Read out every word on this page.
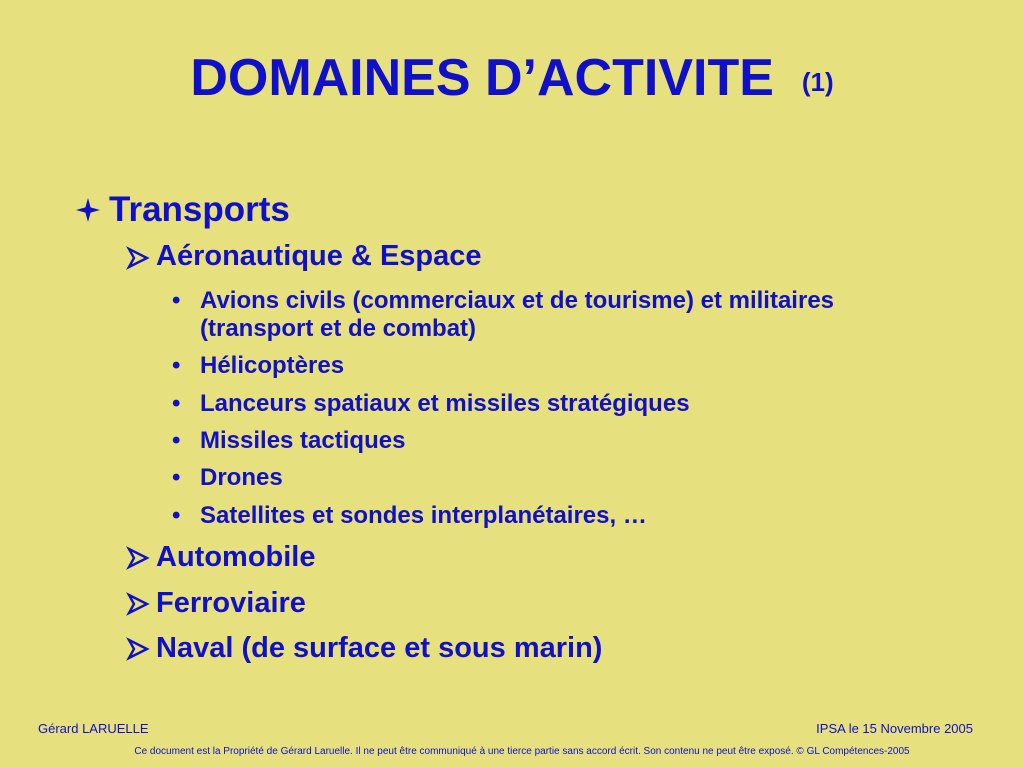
DOMAINES D’ACTIVITE (1)
Transports
Aéronautique & Espace
• Avions civils (commerciaux et de tourisme) et militaires
(transport et de combat)
• Hélicoptères
• Lanceurs spatiaux et missiles stratégiques
• Missiles tactiques
• Drones
• Satellites et sondes interplanétaires, …
Automobile
Ferroviaire
Naval (de surface et sous marin)
Gérard LARUELLE	IPSA le 15 Novembre 2005
Ce document est la Propriété de Gérard Laruelle. Il ne peut être communiqué à une tierce partie sans accord écrit. Son contenu ne peut être exposé. © GL Compétences-2005
